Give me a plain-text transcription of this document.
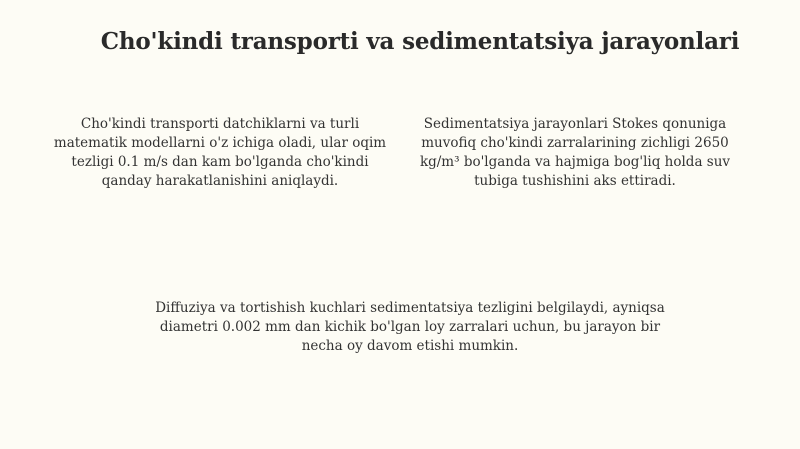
Cho'kindi transporti va sedimentatsiya jarayonlari

Cho'kindi transporti datchiklarni va turli matematik modellarni o'z ichiga oladi, ular oqim tezligi 0.1 m/s dan kam bo'lganda cho'kindi qanday harakatlanishini aniqlaydi.

Sedimentatsiya jarayonlari Stokes qonuniga muvofiq cho'kindi zarralarining zichligi 2650 kg/m³ bo'lganda va hajmiga bog'liq holda suv tubiga tushishini aks ettiradi.

Diffuziya va tortishish kuchlari sedimentatsiya tezligini belgilaydi, ayniqsa diametri 0.002 mm dan kichik bo'lgan loy zarralari uchun, bu jarayon bir necha oy davom etishi mumkin.
